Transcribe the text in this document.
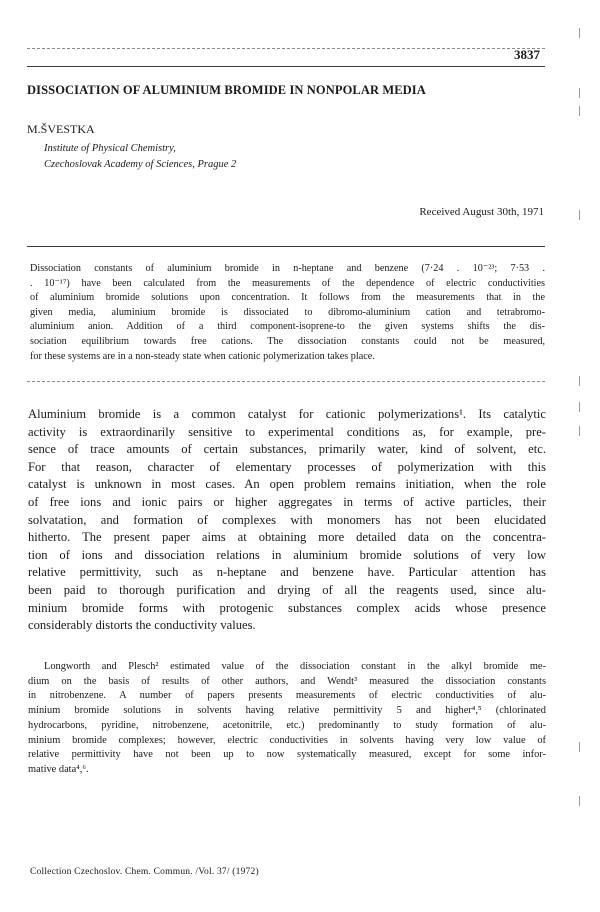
3837
DISSOCIATION OF ALUMINIUM BROMIDE IN NONPOLAR MEDIA
M.ŠVESTKA
Institute of Physical Chemistry,
Czechoslovak Academy of Sciences, Prague 2
Received August 30th, 1971
Dissociation constants of aluminium bromide in n-heptane and benzene (7·24 . 10⁻²³; 7·53 .
. 10⁻¹⁷) have been calculated from the measurements of the dependence of electric conductivities
of aluminium bromide solutions upon concentration. It follows from the measurements that in the
given media, aluminium bromide is dissociated to dibromo-aluminium cation and tetrabromo-
aluminium anion. Addition of a third component-isoprene-to the given systems shifts the dis-
sociation equilibrium towards free cations. The dissociation constants could not be measured,
for these systems are in a non-steady state when cationic polymerization takes place.
Aluminium bromide is a common catalyst for cationic polymerizations¹. Its catalytic
activity is extraordinarily sensitive to experimental conditions as, for example, pre-
sence of trace amounts of certain substances, primarily water, kind of solvent, etc.
For that reason, character of elementary processes of polymerization with this
catalyst is unknown in most cases. An open problem remains initiation, when the role
of free ions and ionic pairs or higher aggregates in terms of active particles, their
solvatation, and formation of complexes with monomers has not been elucidated
hitherto. The present paper aims at obtaining more detailed data on the concentra-
tion of ions and dissociation relations in aluminium bromide solutions of very low
relative permittivity, such as n-heptane and benzene have. Particular attention has
been paid to thorough purification and drying of all the reagents used, since alu-
minium bromide forms with protogenic substances complex acids whose presence
considerably distorts the conductivity values.
Longworth and Plesch² estimated value of the dissociation constant in the alkyl bromide me-
dium on the basis of results of other authors, and Wendt³ measured the dissociation constants
in nitrobenzene. A number of papers presents measurements of electric conductivities of alu-
minium bromide solutions in solvents having relative permittivity 5 and higher⁴,⁵ (chlorinated
hydrocarbons, pyridine, nitrobenzene, acetonitrile, etc.) predominantly to study formation of alu-
minium bromide complexes; however, electric conductivities in solvents having very low value of
relative permittivity have not been up to now systematically measured, except for some infor-
mative data⁴,⁶.
Collection Czechoslov. Chem. Commun. /Vol. 37/ (1972)
